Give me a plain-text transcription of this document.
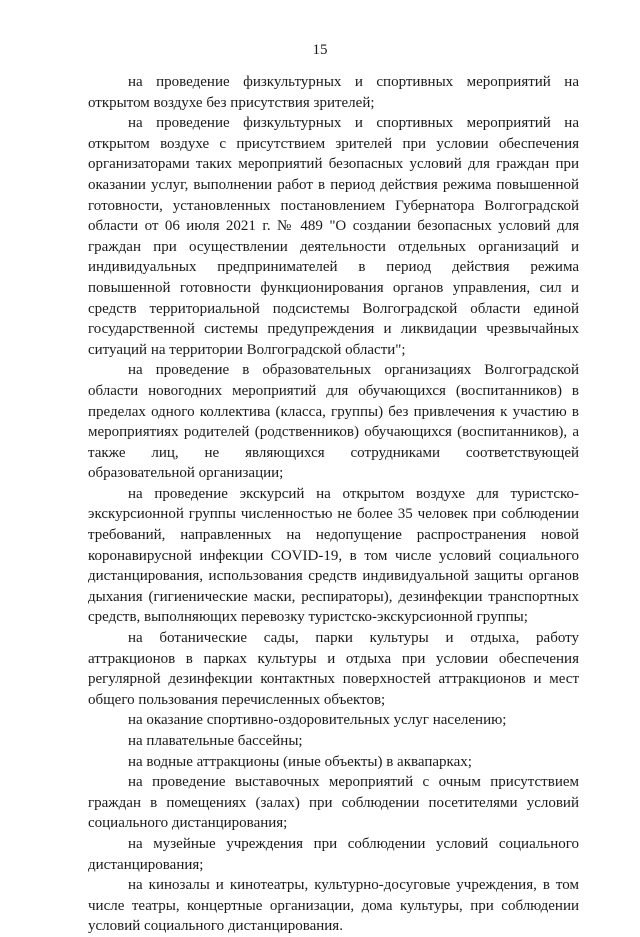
15

на проведение физкультурных и спортивных мероприятий на открытом воздухе без присутствия зрителей;

на проведение физкультурных и спортивных мероприятий на открытом воздухе с присутствием зрителей при условии обеспечения организаторами таких мероприятий безопасных условий для граждан при оказании услуг, выполнении работ в период действия режима повышенной готовности, установленных постановлением Губернатора Волгоградской области от 06 июля 2021 г. № 489 "О создании безопасных условий для граждан при осуществлении деятельности отдельных организаций и индивидуальных предпринимателей в период действия режима повышенной готовности функционирования органов управления, сил и средств территориальной подсистемы Волгоградской области единой государственной системы предупреждения и ликвидации чрезвычайных ситуаций на территории Волгоградской области";

на проведение в образовательных организациях Волгоградской области новогодних мероприятий для обучающихся (воспитанников) в пределах одного коллектива (класса, группы) без привлечения к участию в мероприятиях родителей (родственников) обучающихся (воспитанников), а также лиц, не являющихся сотрудниками соответствующей образовательной организации;

на проведение экскурсий на открытом воздухе для туристско-экскурсионной группы численностью не более 35 человек при соблюдении требований, направленных на недопущение распространения новой коронавирусной инфекции COVID-19, в том числе условий социального дистанцирования, использования средств индивидуальной защиты органов дыхания (гигиенические маски, респираторы), дезинфекции транспортных средств, выполняющих перевозку туристско-экскурсионной группы;

на ботанические сады, парки культуры и отдыха, работу аттракционов в парках культуры и отдыха при условии обеспечения регулярной дезинфекции контактных поверхностей аттракционов и мест общего пользования перечисленных объектов;

на оказание спортивно-оздоровительных услуг населению;

на плавательные бассейны;

на водные аттракционы (иные объекты) в аквапарках;

на проведение выставочных мероприятий с очным присутствием граждан в помещениях (залах) при соблюдении посетителями условий социального дистанцирования;

на музейные учреждения при соблюдении условий социального дистанцирования;

на кинозалы и кинотеатры, культурно-досуговые учреждения, в том числе театры, концертные организации, дома культуры, при соблюдении условий социального дистанцирования.
